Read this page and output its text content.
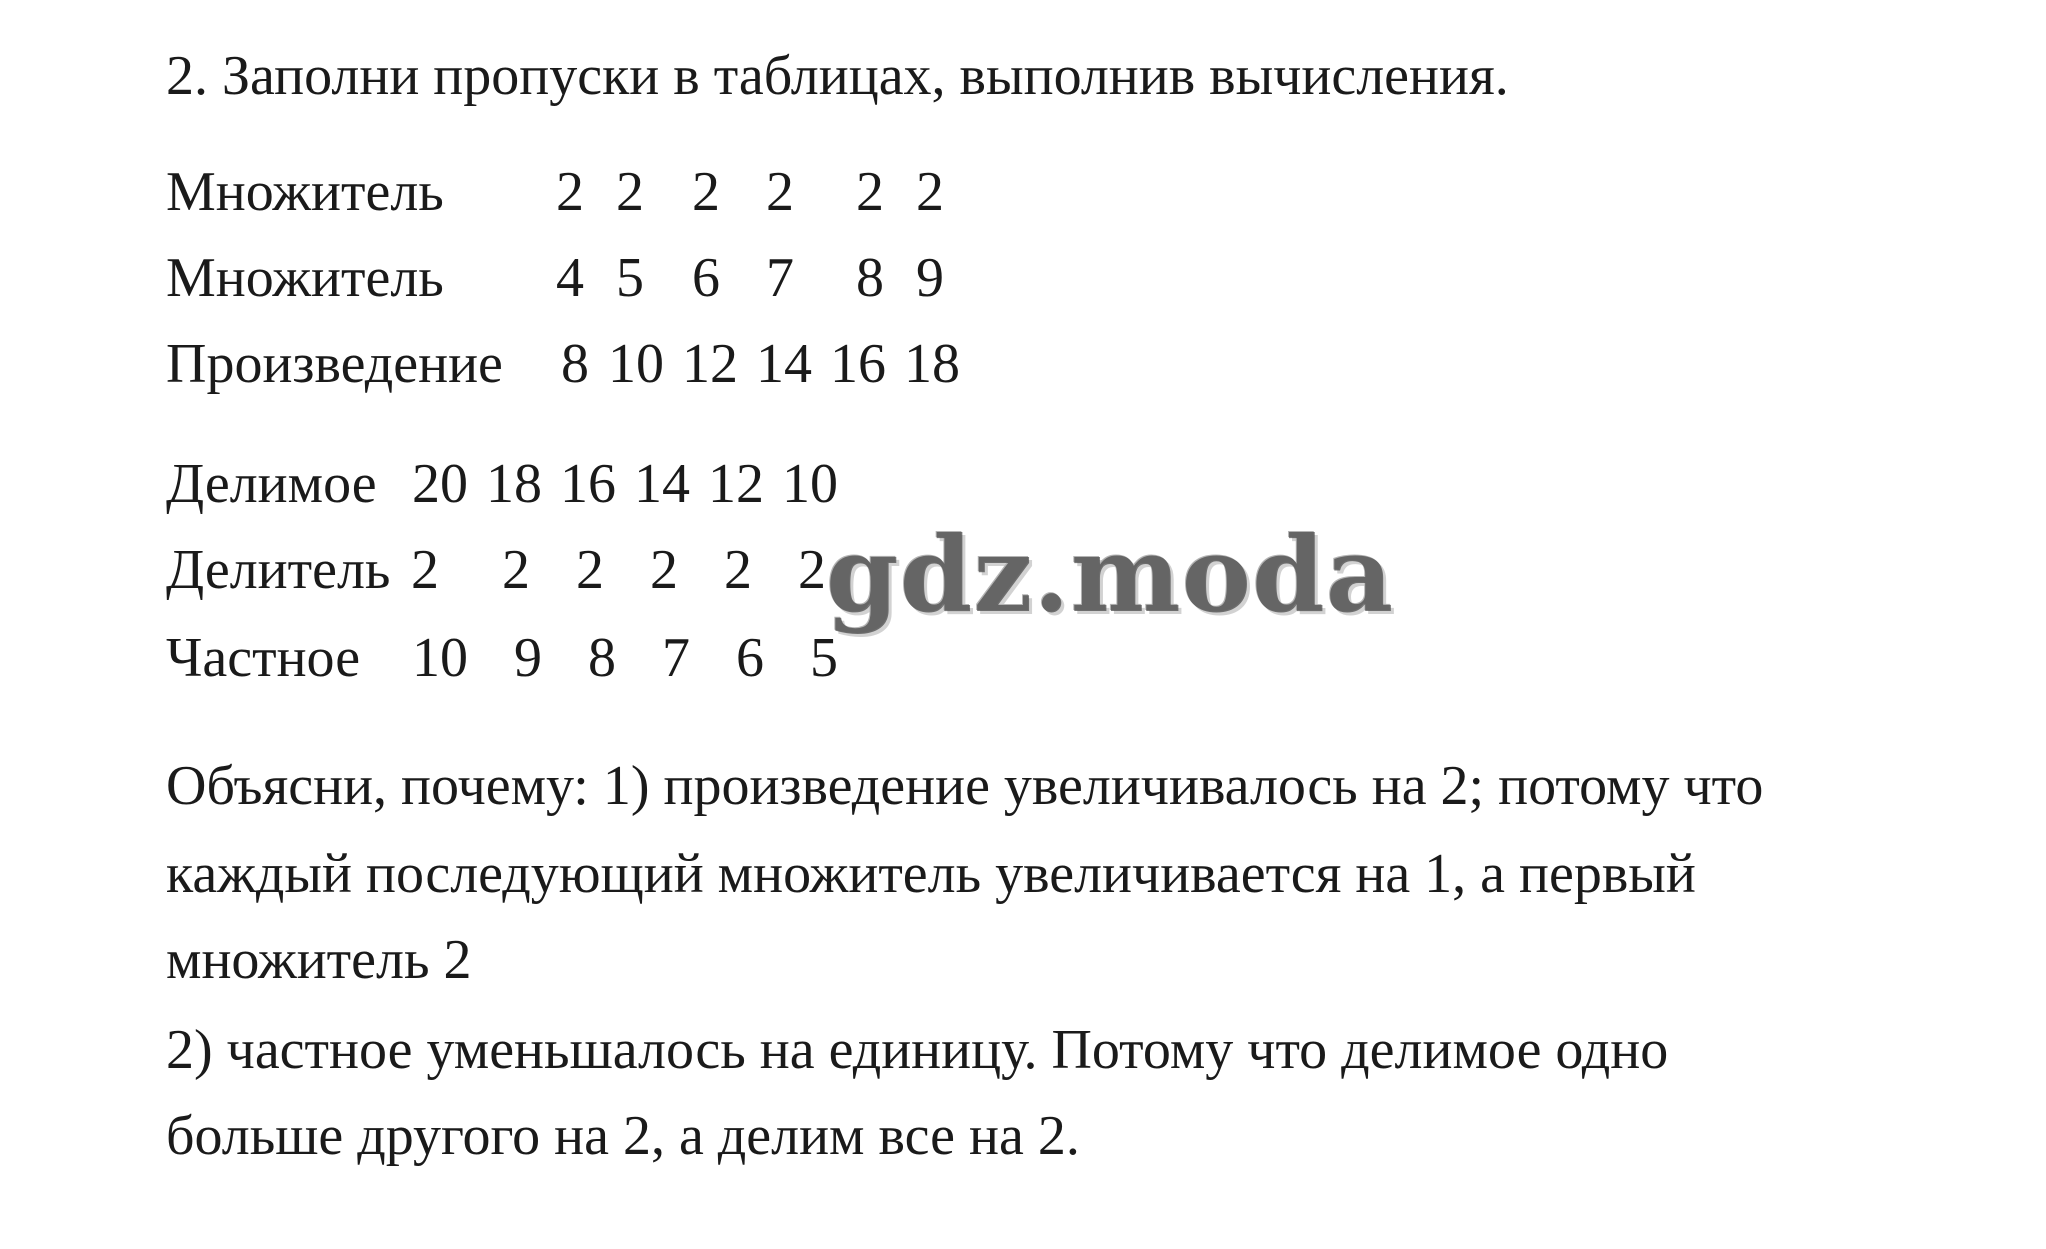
2. Заполни пропуски в таблицах, выполнив вычисления.
Множитель 2 2 2 2 2 2
Множитель 4 5 6 7 8 9
Произведение 8 10 12 14 16 18
Делимое 20 18 16 14 12 10
Делитель 2 2 2 2 2 2
Частное 10 9 8 7 6 5
Объясни, почему: 1) произведение увеличивалось на 2; потому что
каждый последующий множитель увеличивается на 1, а первый
множитель 2
2) частное уменьшалось на единицу. Потому что делимое одно
больше другого на 2, а делим все на 2.
gdz.moda
